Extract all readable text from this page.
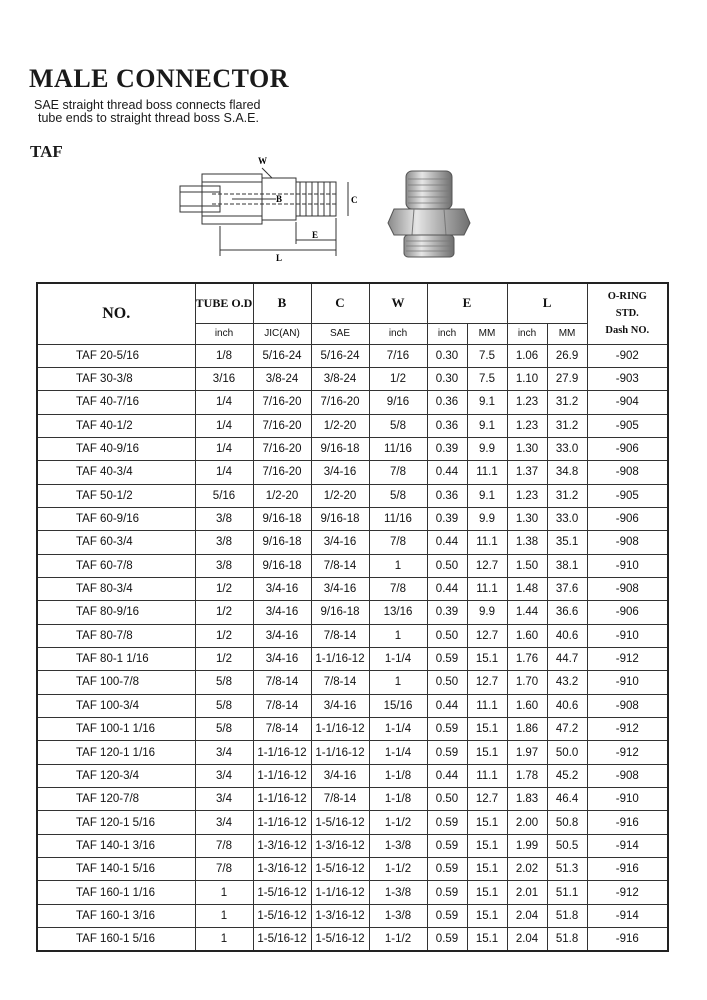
MALE CONNECTOR
SAE straight thread boss connects flared
tube ends to straight thread boss S.A.E.
TAF	W
B	C
E
L
NO.	TUBE O.D	B	C	W	E		L		O-RING
STD.
Dash NO.

	inch	JIC(AN)	SAE	inch	inch	MM	inch	MM	
TAF 20-5/16	1/8	5/16-24	5/16-24	7/16	0.30	7.5	1.06	26.9	-902
TAF 30-3/8	3/16	3/8-24	3/8-24	1/2	0.30	7.5	1.10	27.9	-903
TAF 40-7/16	1/4	7/16-20	7/16-20	9/16	0.36	9.1	1.23	31.2	-904
TAF 40-1/2	1/4	7/16-20	1/2-20	5/8	0.36	9.1	1.23	31.2	-905
TAF 40-9/16	1/4	7/16-20	9/16-18	11/16	0.39	9.9	1.30	33.0	-906
TAF 40-3/4	1/4	7/16-20	3/4-16	7/8	0.44	11.1	1.37	34.8	-908
TAF 50-1/2	5/16	1/2-20	1/2-20	5/8	0.36	9.1	1.23	31.2	-905
TAF 60-9/16	3/8	9/16-18	9/16-18	11/16	0.39	9.9	1.30	33.0	-906
TAF 60-3/4	3/8	9/16-18	3/4-16	7/8	0.44	11.1	1.38	35.1	-908
TAF 60-7/8	3/8	9/16-18	7/8-14	1	0.50	12.7	1.50	38.1	-910
TAF 80-3/4	1/2	3/4-16	3/4-16	7/8	0.44	11.1	1.48	37.6	-908
TAF 80-9/16	1/2	3/4-16	9/16-18	13/16	0.39	9.9	1.44	36.6	-906
TAF 80-7/8	1/2	3/4-16	7/8-14	1	0.50	12.7	1.60	40.6	-910
TAF 80-1 1/16	1/2	3/4-16	1-1/16-12	1-1/4	0.59	15.1	1.76	44.7	-912
TAF 100-7/8	5/8	7/8-14	7/8-14	1	0.50	12.7	1.70	43.2	-910
TAF 100-3/4	5/8	7/8-14	3/4-16	15/16	0.44	11.1	1.60	40.6	-908
TAF 100-1 1/16	5/8	7/8-14	1-1/16-12	1-1/4	0.59	15.1	1.86	47.2	-912
TAF 120-1 1/16	3/4	1-1/16-12	1-1/16-12	1-1/4	0.59	15.1	1.97	50.0	-912
TAF 120-3/4	3/4	1-1/16-12	3/4-16	1-1/8	0.44	11.1	1.78	45.2	-908
TAF 120-7/8	3/4	1-1/16-12	7/8-14	1-1/8	0.50	12.7	1.83	46.4	-910
TAF 120-1 5/16	3/4	1-1/16-12	1-5/16-12	1-1/2	0.59	15.1	2.00	50.8	-916
TAF 140-1 3/16	7/8	1-3/16-12	1-3/16-12	1-3/8	0.59	15.1	1.99	50.5	-914
TAF 140-1 5/16	7/8	1-3/16-12	1-5/16-12	1-1/2	0.59	15.1	2.02	51.3	-916
TAF 160-1 1/16	1	1-5/16-12	1-1/16-12	1-3/8	0.59	15.1	2.01	51.1	-912
TAF 160-1 3/16	1	1-5/16-12	1-3/16-12	1-3/8	0.59	15.1	2.04	51.8	-914
TAF 160-1 5/16	1	1-5/16-12	1-5/16-12	1-1/2	0.59	15.1	2.04	51.8	-916
